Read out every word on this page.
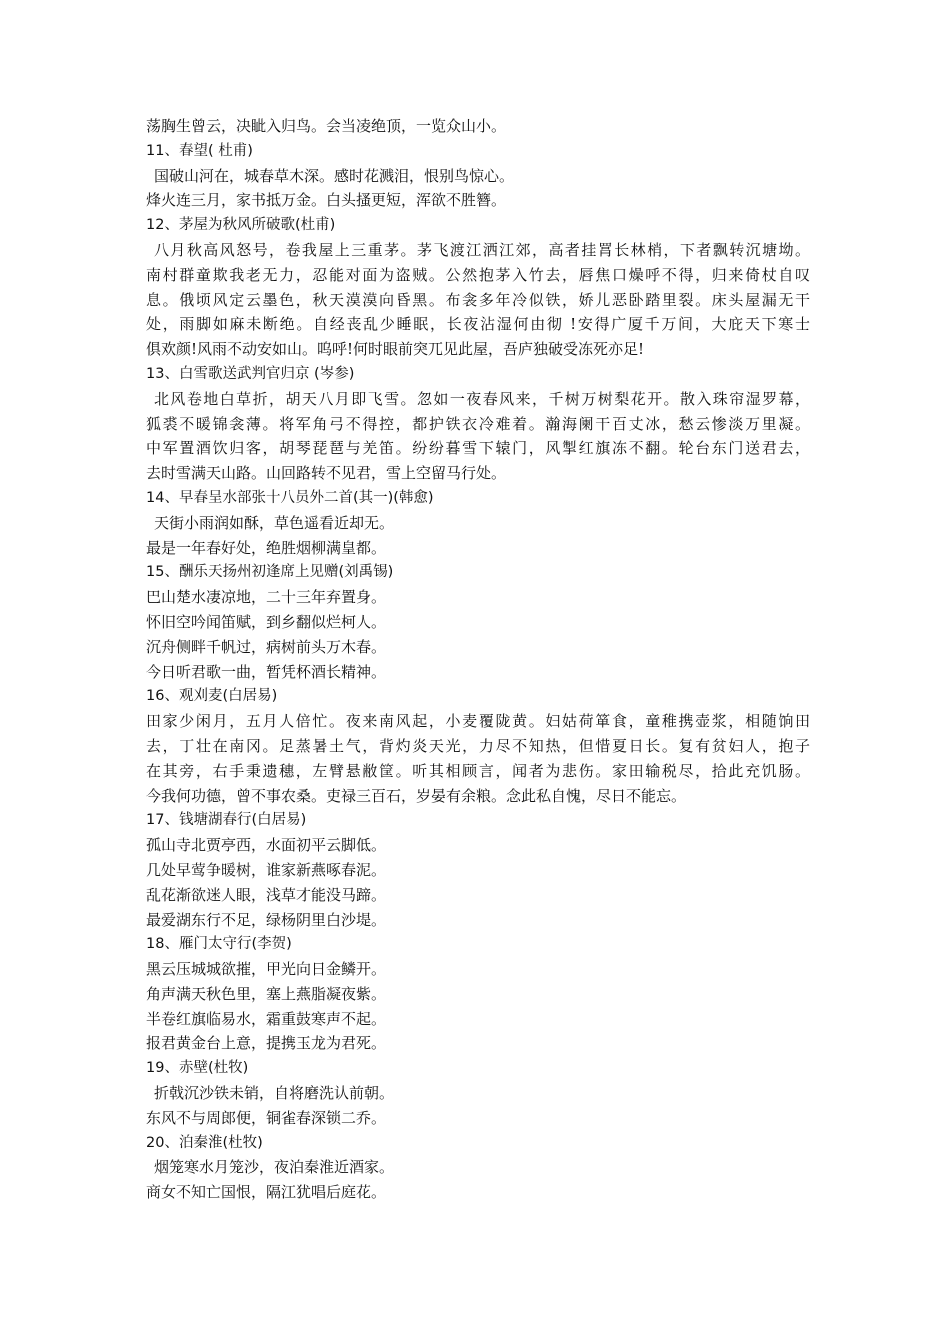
荡胸生曾云，决眦入归鸟。会当凌绝顶，一览众山小。
11、春望( 杜甫)
国破山河在，城春草木深。感时花溅泪，恨别鸟惊心。
烽火连三月，家书抵万金。白头搔更短，浑欲不胜簪。
12、茅屋为秋风所破歌(杜甫)
八月秋高风怒号，卷我屋上三重茅。茅飞渡江洒江郊，高者挂罥长林梢，下者飘转沉塘坳。
南村群童欺我老无力，忍能对面为盗贼。公然抱茅入竹去，唇焦口燥呼不得，归来倚杖自叹
息。俄顷风定云墨色，秋天漠漠向昏黑。布衾多年冷似铁，娇儿恶卧踏里裂。床头屋漏无干
处，雨脚如麻未断绝。自经丧乱少睡眠，长夜沾湿何由彻 !安得广厦千万间，大庇天下寒士
俱欢颜!风雨不动安如山。呜呼!何时眼前突兀见此屋，吾庐独破受冻死亦足!
13、白雪歌送武判官归京 (岑参)
北风卷地白草折，胡天八月即飞雪。忽如一夜春风来，千树万树梨花开。散入珠帘湿罗幕，
狐裘不暖锦衾薄。将军角弓不得控，都护铁衣冷难着。瀚海阑干百丈冰，愁云惨淡万里凝。
中军置酒饮归客，胡琴琵琶与羌笛。纷纷暮雪下辕门，风掣红旗冻不翻。轮台东门送君去，
去时雪满天山路。山回路转不见君，雪上空留马行处。
14、早春呈水部张十八员外二首(其一)(韩愈)
天街小雨润如酥，草色遥看近却无。
最是一年春好处，绝胜烟柳满皇都。
15、酬乐天扬州初逢席上见赠(刘禹锡)
巴山楚水凄凉地，二十三年弃置身。
怀旧空吟闻笛赋，到乡翻似烂柯人。
沉舟侧畔千帆过，病树前头万木春。
今日听君歌一曲，暂凭杯酒长精神。
16、观刈麦(白居易)
田家少闲月，五月人倍忙。夜来南风起，小麦覆陇黄。妇姑荷箪食，童稚携壶浆，相随饷田
去，丁壮在南冈。足蒸暑土气，背灼炎天光，力尽不知热，但惜夏日长。复有贫妇人，抱子
在其旁，右手秉遗穗，左臂悬敝筐。听其相顾言，闻者为悲伤。家田输税尽，拾此充饥肠。
今我何功德，曾不事农桑。吏禄三百石，岁晏有余粮。念此私自愧，尽日不能忘。
17、钱塘湖春行(白居易)
孤山寺北贾亭西，水面初平云脚低。
几处早莺争暖树，谁家新燕啄春泥。
乱花渐欲迷人眼，浅草才能没马蹄。
最爱湖东行不足，绿杨阴里白沙堤。
18、雁门太守行(李贺)
黑云压城城欲摧，甲光向日金鳞开。
角声满天秋色里，塞上燕脂凝夜紫。
半卷红旗临易水，霜重鼓寒声不起。
报君黄金台上意，提携玉龙为君死。
19、赤壁(杜牧)
折戟沉沙铁未销，自将磨洗认前朝。
东风不与周郎便，铜雀春深锁二乔。
20、泊秦淮(杜牧)
烟笼寒水月笼沙，夜泊秦淮近酒家。
商女不知亡国恨，隔江犹唱后庭花。
